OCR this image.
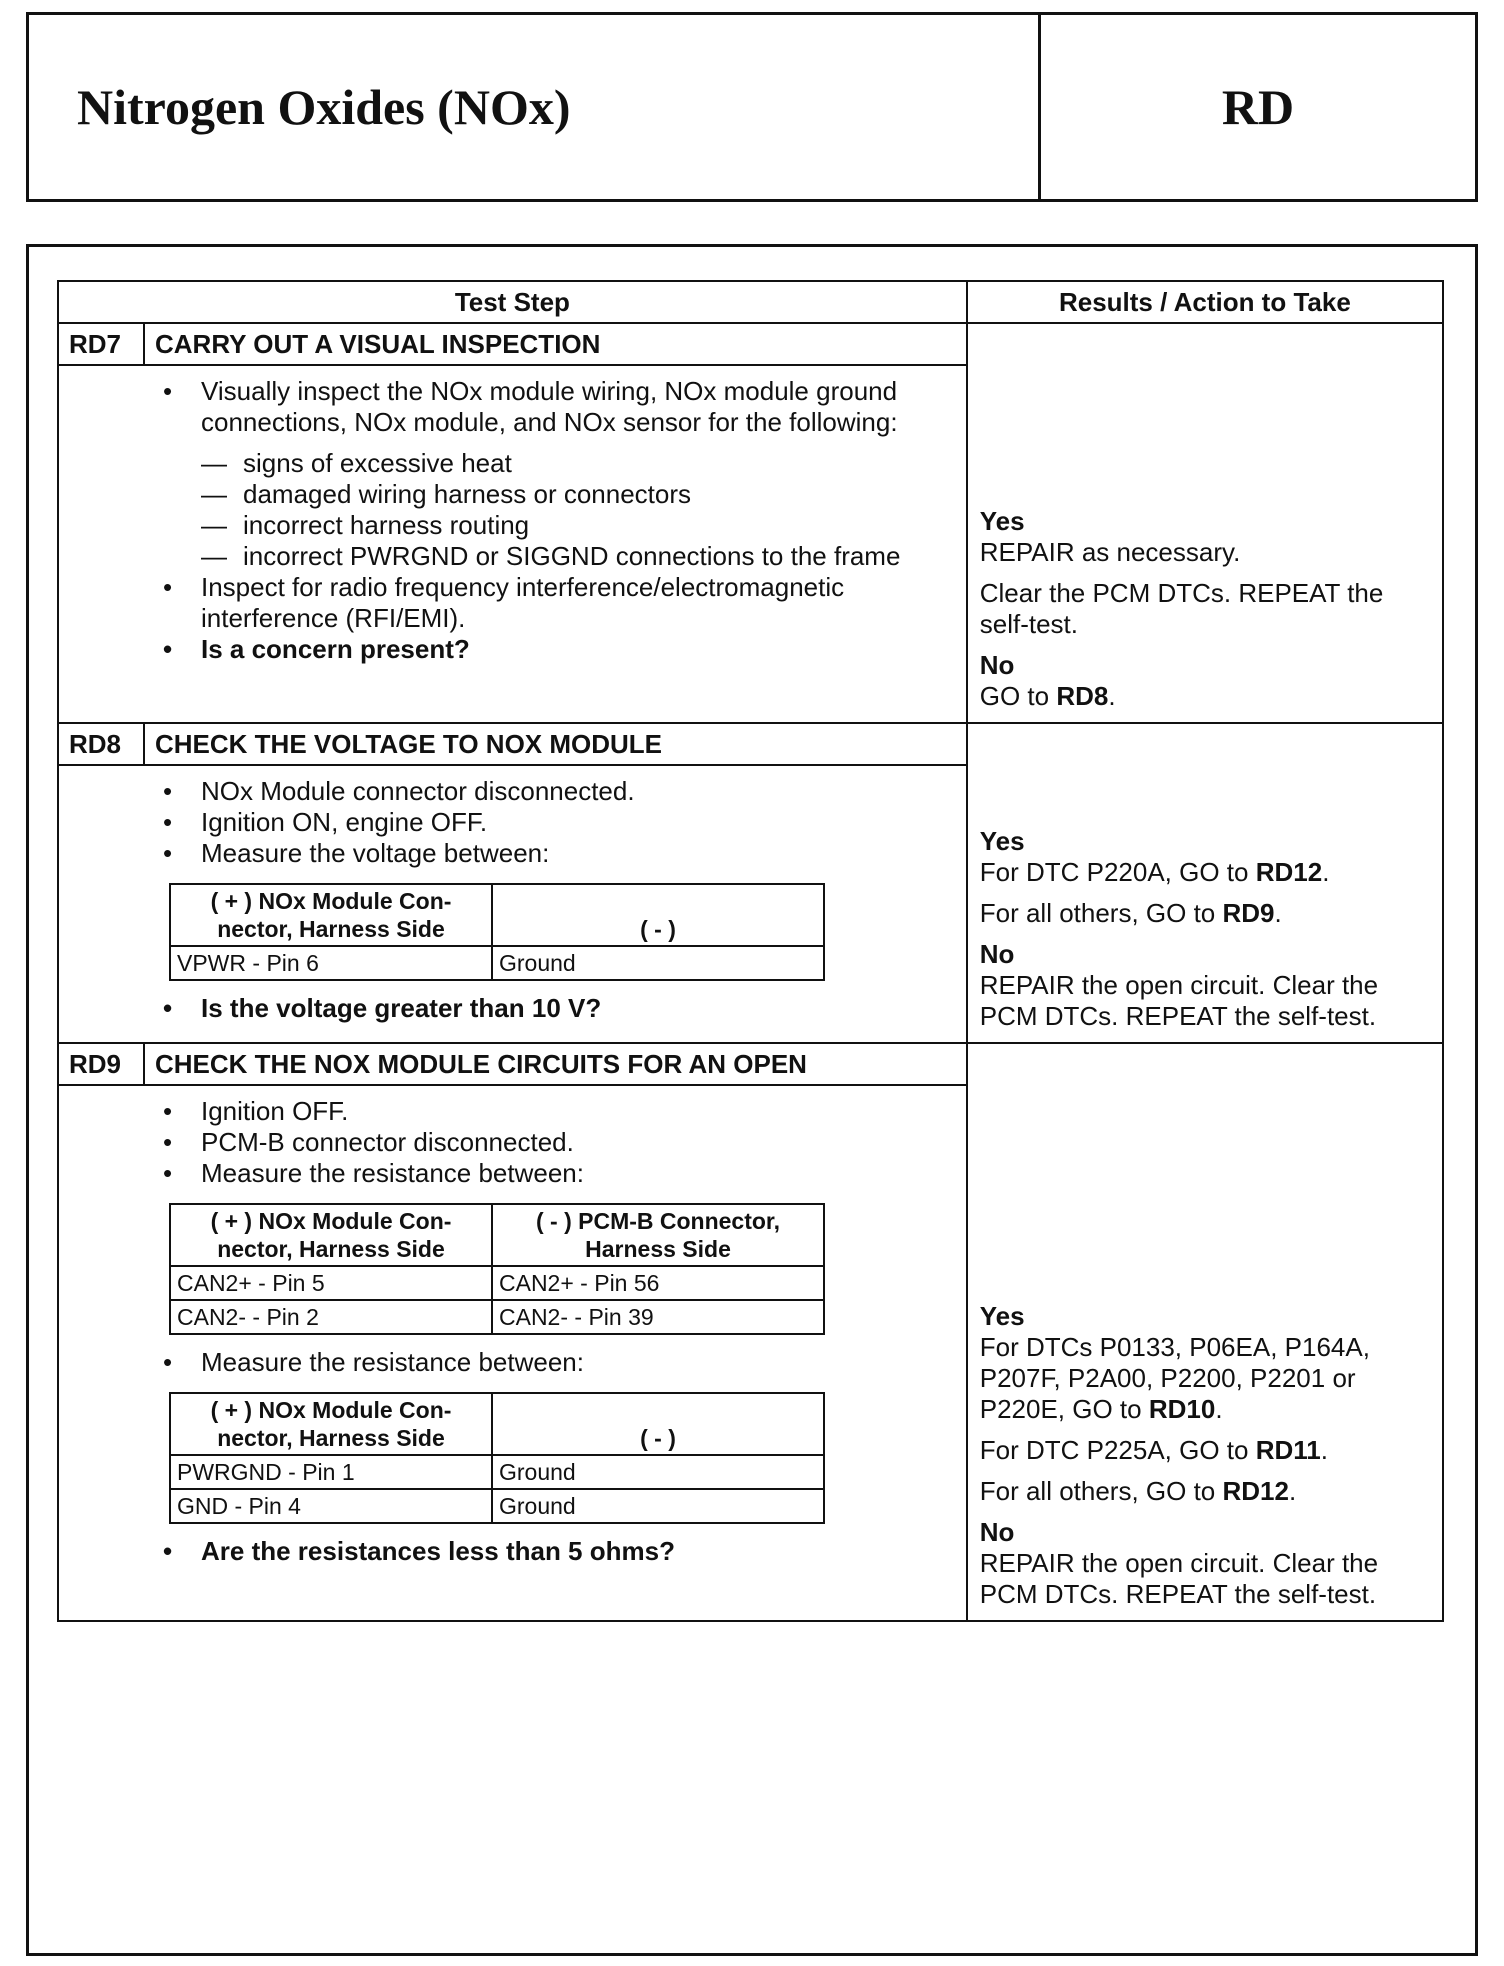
Nitrogen Oxides (NOx)	RD
Test Step	Results / Action to Take

RD7	CARRY OUT A VISUAL INSPECTION
• Visually inspect the NOx module wiring, NOx module ground connections, NOx module, and NOx sensor for the following:
— signs of excessive heat
— damaged wiring harness or connectors
— incorrect harness routing
— incorrect PWRGND or SIGGND connections to the frame
• Inspect for radio frequency interference/electromagnetic interference (RFI/EMI).
• Is a concern present?

Yes
REPAIR as necessary.
Clear the PCM DTCs. REPEAT the self-test.
No
GO to RD8.

RD8	CHECK THE VOLTAGE TO NOX MODULE
• NOx Module connector disconnected.
• Ignition ON, engine OFF.
• Measure the voltage between:
( + ) NOx Module Con- nector, Harness Side	( - )
VPWR - Pin 6	Ground
• Is the voltage greater than 10 V?

Yes
For DTC P220A, GO to RD12.
For all others, GO to RD9.
No
REPAIR the open circuit. Clear the PCM DTCs. REPEAT the self-test.

RD9	CHECK THE NOX MODULE CIRCUITS FOR AN OPEN
• Ignition OFF.
• PCM-B connector disconnected.
• Measure the resistance between:
( + ) NOx Module Con- nector, Harness Side	( - ) PCM-B Connector, Harness Side
CAN2+ - Pin 5	CAN2+ - Pin 56
CAN2- - Pin 2	CAN2- - Pin 39
• Measure the resistance between:
( + ) NOx Module Con- nector, Harness Side	( - )
PWRGND - Pin 1	Ground
GND - Pin 4	Ground
• Are the resistances less than 5 ohms?

Yes
For DTCs P0133, P06EA, P164A, P207F, P2A00, P2200, P2201 or P220E, GO to RD10.
For DTC P225A, GO to RD11.
For all others, GO to RD12.
No
REPAIR the open circuit. Clear the PCM DTCs. REPEAT the self-test.
